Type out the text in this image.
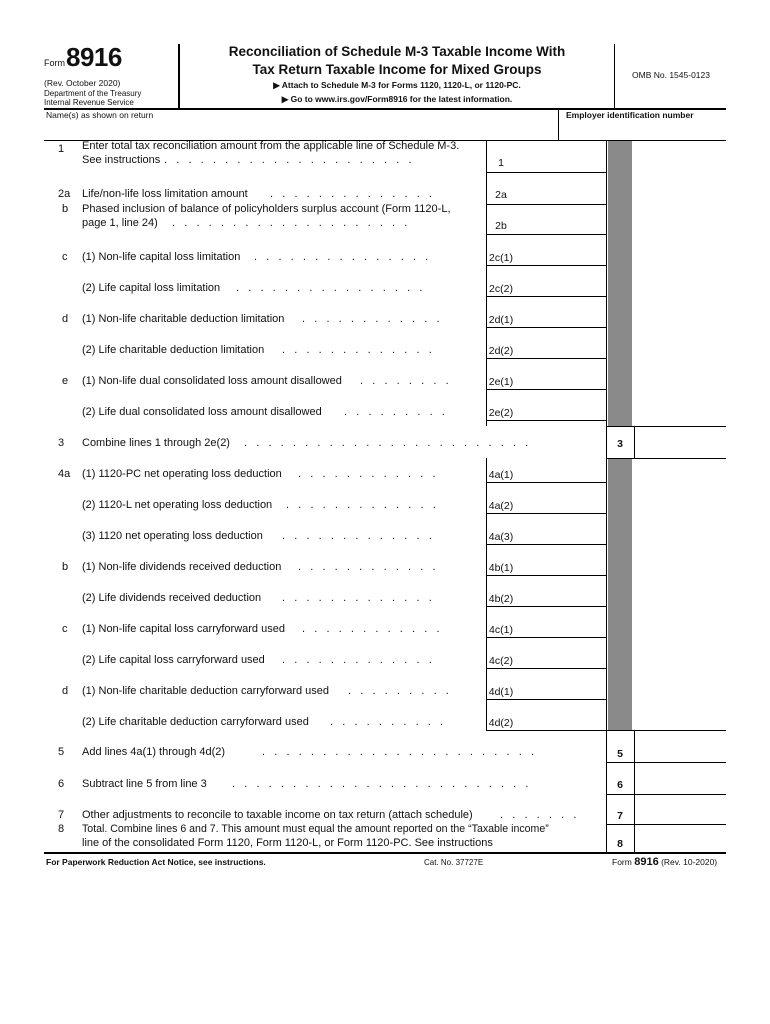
Form 8916
(Rev. October 2020)
Department of the Treasury
Internal Revenue Service
Reconciliation of Schedule M-3 Taxable Income With
Tax Return Taxable Income for Mixed Groups
▶ Attach to Schedule M-3 for Forms 1120, 1120-L, or 1120-PC.
▶ Go to www.irs.gov/Form8916 for the latest information.
OMB No. 1545-0123
Name(s) as shown on return	Employer identification number
1 Enter total tax reconciliation amount from the applicable line of Schedule M-3.
See instructions .   .   .   .   .   .   .   .   .   .   .   .   .   .   .   .   .   .   .   .   .	1
2a Life/non-life loss limitation amount .   .   .   .   .   .   .   .   .   .   .   .   .   .	2a
b Phased inclusion of balance of policyholders surplus account (Form 1120-L,
page 1, line 24) .   .   .   .   .   .   .   .   .   .   .   .   .   .   .   .   .   .   .   .	2b
c (1) Non-life capital loss limitation .   .   .   .   .   .   .   .   .   .   .   .   .   .   .	2c(1)
(2) Life capital loss limitation .   .   .   .   .   .   .   .   .   .   .   .   .   .   .   .	2c(2)
d (1) Non-life charitable deduction limitation .   .   .   .   .   .   .   .   .   .   .   .	2d(1)
(2) Life charitable deduction limitation .   .   .   .   .   .   .   .   .   .   .   .   .	2d(2)
e (1) Non-life dual consolidated loss amount disallowed .   .   .   .   .   .   .   .	2e(1)
(2) Life dual consolidated loss amount disallowed .   .   .   .   .   .   .   .   .	2e(2)
3 Combine lines 1 through 2e(2) .   .   .   .   .   .   .   .   .   .   .   .   .   .   .   .   .   .   .   .   .   .   .   .	3
4a (1) 1120-PC net operating loss deduction .   .   .   .   .   .   .   .   .   .   .   .	4a(1)
(2) 1120-L net operating loss deduction .   .   .   .   .   .   .   .   .   .   .   .   .	4a(2)
(3) 1120 net operating loss deduction .   .   .   .   .   .   .   .   .   .   .   .   .	4a(3)
b (1) Non-life dividends received deduction .   .   .   .   .   .   .   .   .   .   .   .	4b(1)
(2) Life dividends received deduction .   .   .   .   .   .   .   .   .   .   .   .   .	4b(2)
c (1) Non-life capital loss carryforward used .   .   .   .   .   .   .   .   .   .   .   .	4c(1)
(2) Life capital loss carryforward used .   .   .   .   .   .   .   .   .   .   .   .   .	4c(2)
d (1) Non-life charitable deduction carryforward used .   .   .   .   .   .   .   .   .	4d(1)
(2) Life charitable deduction carryforward used .   .   .   .   .   .   .   .   .   .	4d(2)
5 Add lines 4a(1) through 4d(2)	.   .   .   .   .   .   .   .   .   .   .   .   .   .   .   .   .   .   .   .   .   .   .	5
6 Subtract line 5 from line 3 .   .   .   .   .   .   .   .   .   .   .   .   .   .   .   .   .   .   .   .   .   .   .   .   .	6
7 Other adjustments to reconcile to taxable income on tax return (attach schedule) .   .   .   .   .   .   .	7
8 Total. Combine lines 6 and 7. This amount must equal the amount reported on the “Taxable income”
line of the consolidated Form 1120, Form 1120-L, or Form 1120-PC. See instructions	8
For Paperwork Reduction Act Notice, see instructions.	Cat. No. 37727E	Form 8916 (Rev. 10-2020)
